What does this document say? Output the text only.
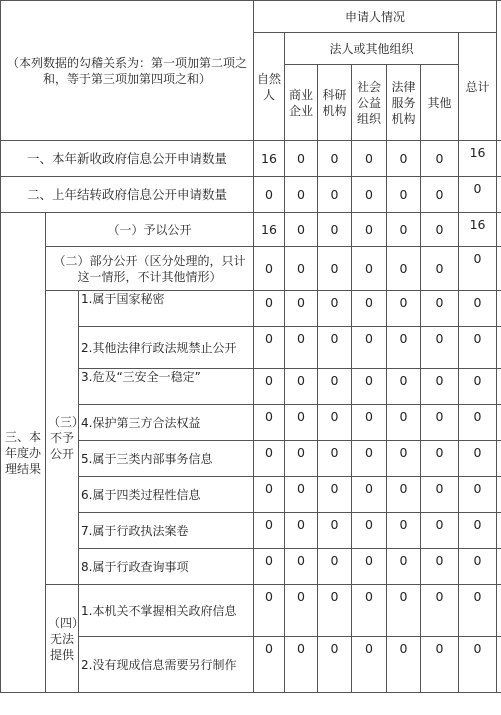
（本列数据的勾稽关系为：第一项加第二项之和，等于第三项加第四项之和）			申请人情况							
			自然人	法人或其他组织					总计	
				商业企业	科研机构	社会公益组织	法律服务机构	其他		
一、本年新收政府信息公开申请数量			16	0	0	0	0	0	16	
二、上年结转政府信息公开申请数量			0	0	0	0	0	0	0	
三、本年度办理结果	（一）予以公开		16	0	0	0	0	0	16	
	（二）部分公开（区分处理的，只计这一情形，不计其他情形）		0	0	0	0	0	0	0	
	（三）不予公开	1.属于国家秘密	0	0	0	0	0	0	0	
		2.其他法律行政法规禁止公开	0	0	0	0	0	0	0	
		3.危及“三安全一稳定”	0	0	0	0	0	0	0	
		4.保护第三方合法权益	0	0	0	0	0	0	0	
		5.属于三类内部事务信息	0	0	0	0	0	0	0	
		6.属于四类过程性信息	0	0	0	0	0	0	0	
		7.属于行政执法案卷	0	0	0	0	0	0	0	
		8.属于行政查询事项	0	0	0	0	0	0	0	
	（四）无法提供	1.本机关不掌握相关政府信息	0	0	0	0	0	0	0	
		2.没有现成信息需要另行制作	0	0	0	0	0	0	0	
